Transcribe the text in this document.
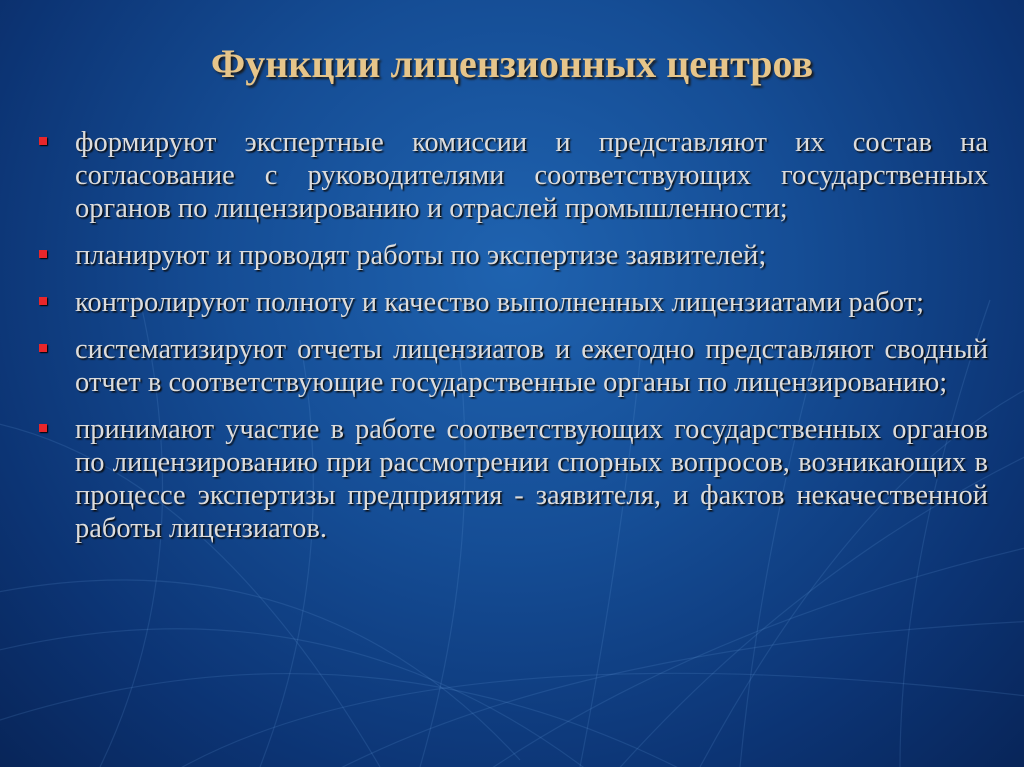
Функции лицензионных центров
формируют экспертные комиссии и представляют их состав на согласование с руководителями соответствующих государственных органов по лицензированию и отраслей промышленности;
планируют и проводят работы по экспертизе заявителей;
контролируют полноту и качество выполненных лицензиатами работ;
систематизируют отчеты лицензиатов и ежегодно представляют сводный отчет в соответствующие государственные органы по лицензированию;
принимают участие в работе соответствующих государственных органов по лицензированию при рассмотрении спорных вопросов, возникающих в процессе экспертизы предприятия - заявителя, и фактов некачественной работы лицензиатов.
